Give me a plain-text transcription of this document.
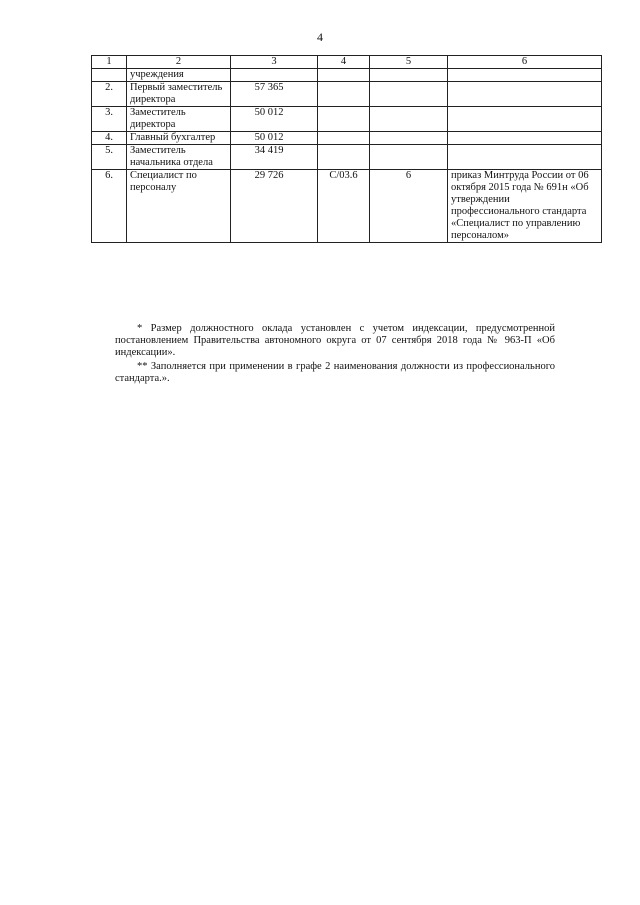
4
1	2	3	4	5	6
	учреждения				
2.	Первый заместитель директора	57 365			
3.	Заместитель директора	50 012			
4.	Главный бухгалтер	50 012			
5.	Заместитель начальника отдела	34 419			
6.	Специалист по персоналу	29 726	С/03.6	6	приказ Минтруда России от 06 октября 2015 года № 691н «Об утверждении профессионального стандарта «Специалист по управлению персоналом»
* Размер должностного оклада установлен с учетом индексации, предусмотренной постановлением Правительства автономного округа от 07 сентября 2018 года № 963-П «Об индексации».
** Заполняется при применении в графе 2 наименования должности из профессионального стандарта.».
